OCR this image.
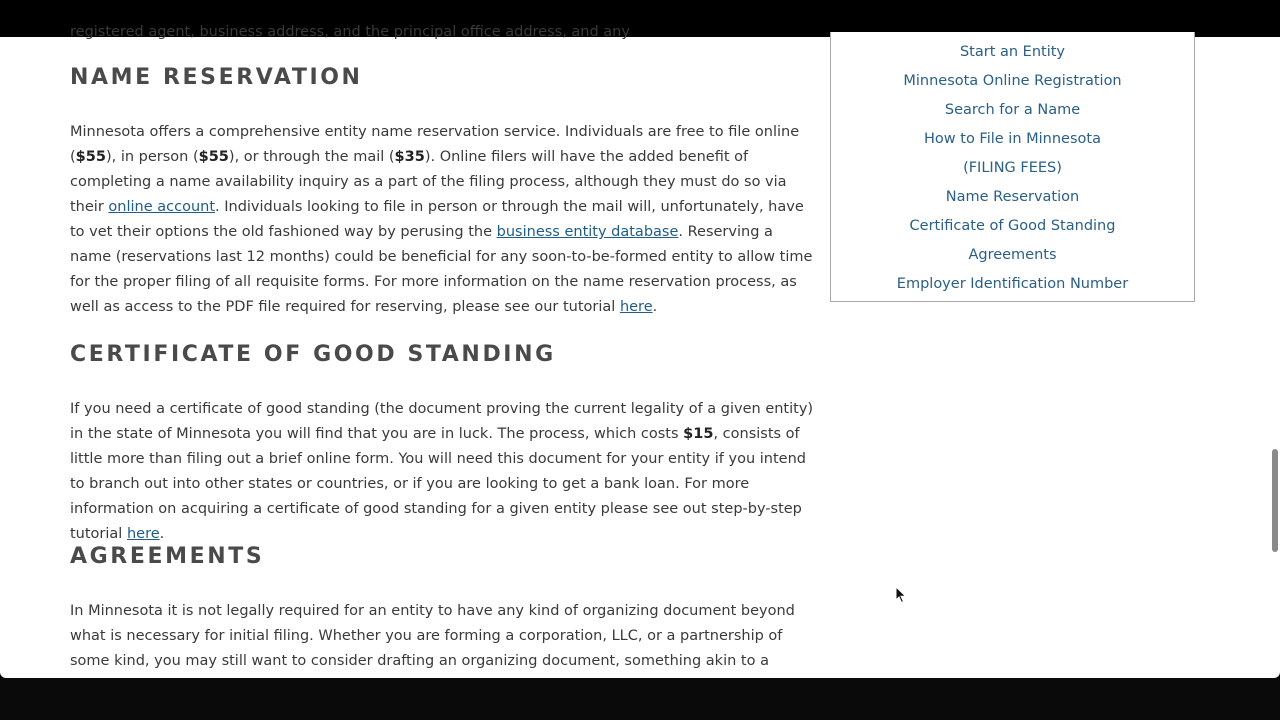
registered agent, business address, and the principal office address, and any
NAME RESERVATION

Minnesota offers a comprehensive entity name reservation service. Individuals are free to file online ($55), in person ($55), or through the mail ($35). Online filers will have the added benefit of completing a name availability inquiry as a part of the filing process, although they must do so via their online account. Individuals looking to file in person or through the mail will, unfortunately, have to vet their options the old fashioned way by perusing the business entity database. Reserving a name (reservations last 12 months) could be beneficial for any soon-to-be-formed entity to allow time for the proper filing of all requisite forms. For more information on the name reservation process, as well as access to the PDF file required for reserving, please see our tutorial here.

CERTIFICATE OF GOOD STANDING

If you need a certificate of good standing (the document proving the current legality of a given entity) in the state of Minnesota you will find that you are in luck. The process, which costs $15, consists of little more than filing out a brief online form. You will need this document for your entity if you intend to branch out into other states or countries, or if you are looking to get a bank loan. For more information on acquiring a certificate of good standing for a given entity please see out step-by-step tutorial here.

AGREEMENTS

In Minnesota it is not legally required for an entity to have any kind of organizing document beyond what is necessary for initial filing. Whether you are forming a corporation, LLC, or a partnership of some kind, you may still want to consider drafting an organizing document, something akin to a

Start an Entity
Minnesota Online Registration
Search for a Name
How to File in Minnesota
(FILING FEES)
Name Reservation
Certificate of Good Standing
Agreements
Employer Identification Number
